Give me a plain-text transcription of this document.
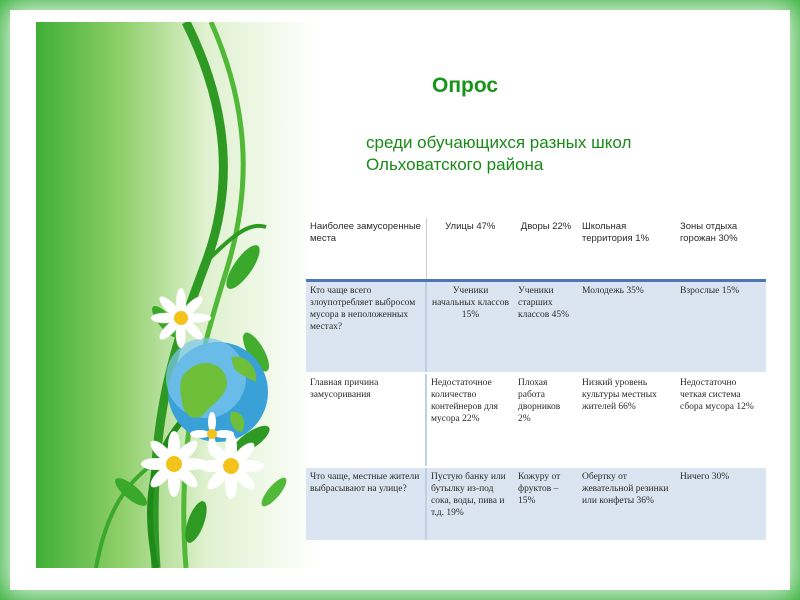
Опрос
среди обучающихся разных школ
Ольховатского района
Наиболее замусоренные места	Улицы 47%	Дворы 22%	Школьная территория 1%	Зоны отдыха горожан 30%
Кто чаще всего злоупотребляет выбросом мусора в неположенных местах?	Ученики начальных классов 15%	Ученики старших классов 45%	Молодежь 35%	Взрослые 15%
Главная причина замусоривания	Недостаточное количество контейнеров для мусора 22%	Плохая работа дворников 2%	Низкий уровень культуры местных жителей 66%	Недостаточно четкая система сбора мусора 12%
Что чаще, местные жители выбрасывают на улице?	Пустую банку или бутылку из-под сока, воды, пива и т.д. 19%	Кожуру от фруктов – 15%	Обертку от жевательной резинки или конфеты 36%	Ничего 30%
